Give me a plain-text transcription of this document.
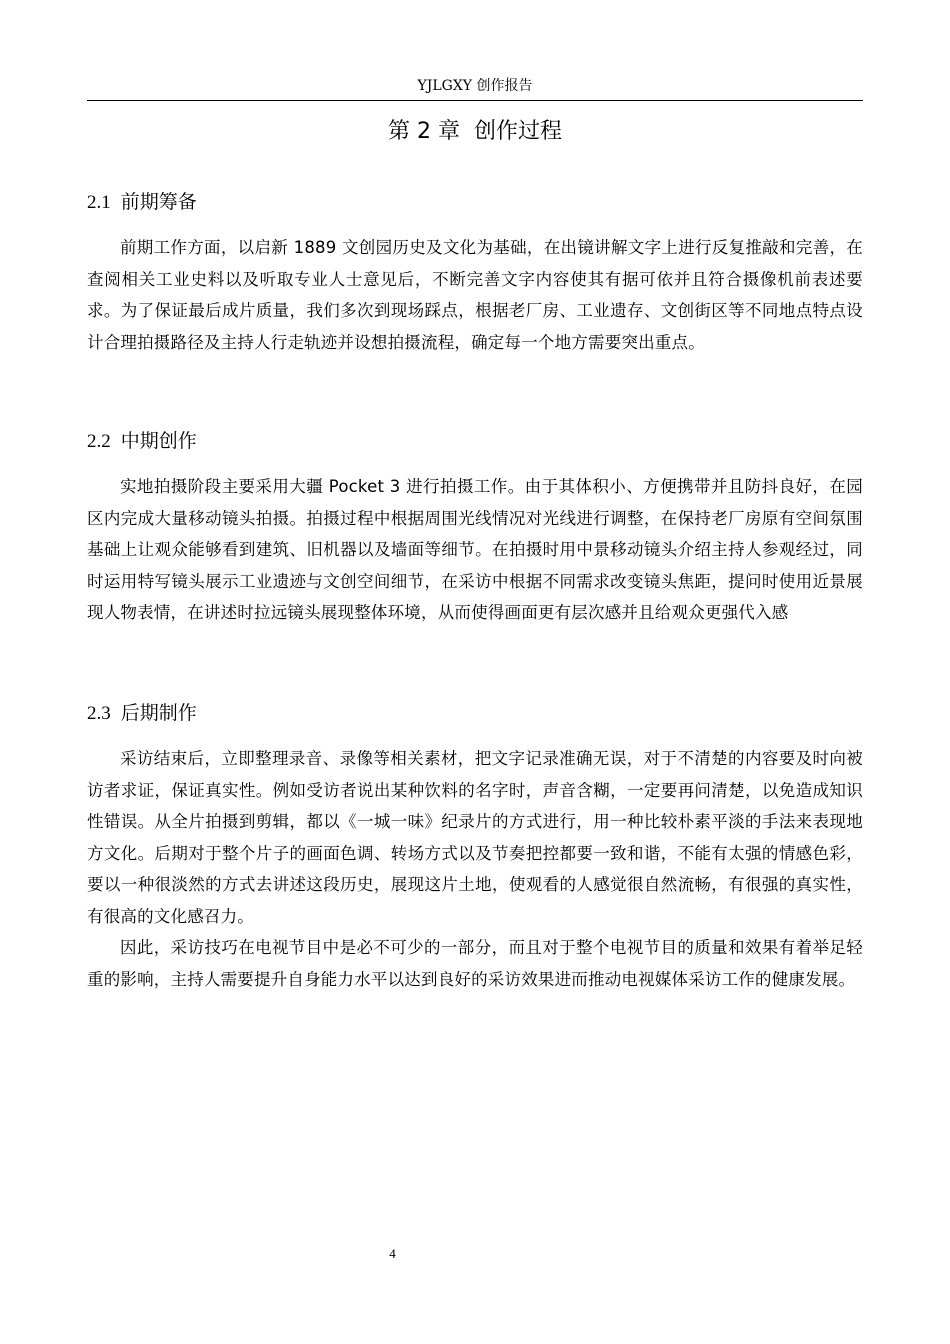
YJLGXY 创作报告
第 2 章 创作过程
2.1 前期筹备

前期工作方面，以启新 1889 文创园历史及文化为基础，在出镜讲解文字上进行反复推敲和完善，在查阅相关工业史料以及听取专业人士意见后，不断完善文字内容使其有据可依并且符合摄像机前表述要求。为了保证最后成片质量，我们多次到现场踩点，根据老厂房、工业遗存、文创街区等不同地点特点设计合理拍摄路径及主持人行走轨迹并设想拍摄流程，确定每一个地方需要突出重点。

2.2 中期创作

实地拍摄阶段主要采用大疆 Pocket 3 进行拍摄工作。由于其体积小、方便携带并且防抖良好，在园区内完成大量移动镜头拍摄。拍摄过程中根据周围光线情况对光线进行调整，在保持老厂房原有空间氛围基础上让观众能够看到建筑、旧机器以及墙面等细节。在拍摄时用中景移动镜头介绍主持人参观经过，同时运用特写镜头展示工业遗迹与文创空间细节，在采访中根据不同需求改变镜头焦距，提问时使用近景展现人物表情，在讲述时拉远镜头展现整体环境，从而使得画面更有层次感并且给观众更强代入感

2.3 后期制作

采访结束后，立即整理录音、录像等相关素材，把文字记录准确无误，对于不清楚的内容要及时向被访者求证，保证真实性。例如受访者说出某种饮料的名字时，声音含糊，一定要再问清楚，以免造成知识性错误。从全片拍摄到剪辑，都以《一城一味》纪录片的方式进行，用一种比较朴素平淡的手法来表现地方文化。后期对于整个片子的画面色调、转场方式以及节奏把控都要一致和谐，不能有太强的情感色彩，要以一种很淡然的方式去讲述这段历史，展现这片土地，使观看的人感觉很自然流畅，有很强的真实性，有很高的文化感召力。

因此，采访技巧在电视节目中是必不可少的一部分，而且对于整个电视节目的质量和效果有着举足轻重的影响，主持人需要提升自身能力水平以达到良好的采访效果进而推动电视媒体采访工作的健康发展。

4
